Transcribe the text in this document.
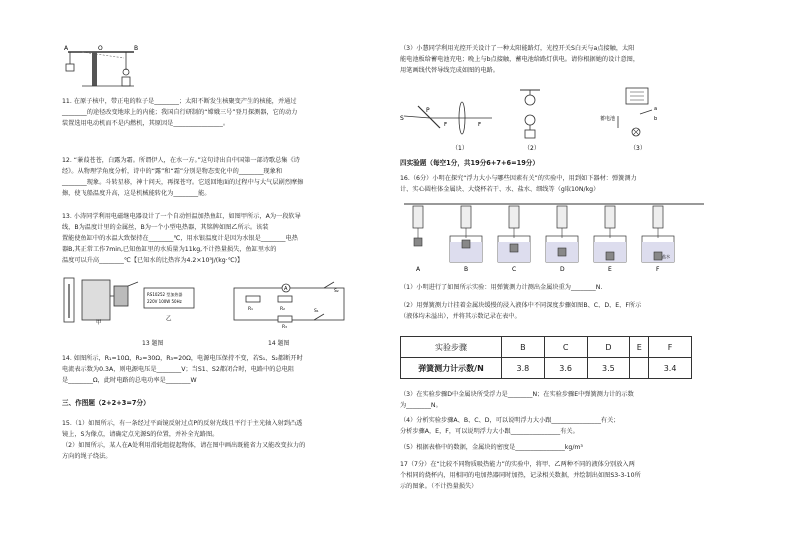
A	O	B
11. 在原子核中，带正电的粒子是________；太阳不断发生核聚变产生的核能，并通过
________的途径改变地球上的内能；我国自行研制的“嫦娥三号”登月探测器，它的动力
装置选用电动机而不是内燃机，其原因是________________。
12. “蒹葭苍苍，白露为霜。所谓伊人，在水一方。”这句诗出自中国第一部诗歌总集《诗
经》。从物理学角度分析，诗中的“露”和“霜”分别是物态变化中的________现象和
________现象。斗转星移，神十问天，再探苍穹。它返回地面的过程中与大气层剧烈摩擦
擦，使飞船温度升高，这是机械能转化为________能。
13. 小涛同学利用电磁继电器设计了一个自动恒温加热鱼缸，如图甲所示，A为一段软导
线，B为温度计里的金属丝，B为一个小型电热器，其铭牌如图乙所示。该装
置能使鱼缸中的水温大致保持在________℃，用水银温度计是因为水银是________电热
器B,其正常工作7min,已知鱼缸里的水质量为11kg,不计热量损失，鱼缸里水的
温度可以升高________℃【已知水的比热容为4.2×10³J/(kg·℃)】
甲
RS10252 型加热器
220V 100W 50Hz
乙
A
R₁	R₂
R₃
S₁
S₂
13 题图	14 题图
14. 如图所示，R₁=10Ω，R₂=30Ω，R₃=20Ω，电源电压保持不变，若S₁、S₂都断开时
电流表示数为0.3A，则电源电压是________V；当S1、S2都闭合时，电路中的总电阻
是________Ω，此时电路的总电功率是________W
三、作图题（2+2+3=7分）
15.（1）如图所示，有一条经过平面镜反射过点P的反射光线且平行于主光轴入射到凸透
镜上，S为像点，请确定点光源S的位置，并补全光路图。
（2）如图所示，某人在A处利用滑轮组提起物体，请在图中画出既能省力又能改变拉力的
方向的绳子绕法。
（3）小慧同学利用光控开关设计了一种太阳能路灯，光控开关S白天与a点接触，太阳
能电池板给蓄电池充电；晚上与b点接触，蓄电池给路灯供电。请你根据她的设计意图，
用笔画线代替导线完成如图的电路。
S
P
F	F
（1）	（2）
蓄电池
a
b
（3）
四实验题（每空1分，共19分6+7+6=19分）
16.（6分）小明在探究“浮力大小与哪些因素有关”的实验中，用到如下器材：弹簧测力
计、实心圆柱体金属块、大烧杯若干、水、盐水、细线等（g取10N/kg）
A	B	C	D	E	F
盐水
（1）小明进行了如图所示实验：用弹簧测力计测出金属块重为________N.
（2）用弹簧测力计挂着金属块缓慢的浸入液体中不同深度步骤如图B、C、D、E、F所示
（液体均未溢出），并将其示数记录在表中。
实验步骤	B	C	D	E	F
弹簧测力计示数/N	3.8	3.6	3.5		3.4
（3）在实验步骤D中金属块所受浮力是________N；在实验步骤E中弹簧测力计的示数
为________N。
（4）分析实验步骤A、B、C、D，可以说明浮力大小跟________________有关；
分析步骤A，E，F，可以说明浮力大小跟________________有关。
（5）根据表格中的数据，金属块的密度是________________kg/m³
17（7分）在“比较不同物质吸热能力”的实验中，将甲、乙两种不同的液体分别放入两
个相同的烧杯内，用相同的电加热器同时加热，记录相关数据，并绘制出如图S3-3-10所
示的图象。（不计热量损失）
